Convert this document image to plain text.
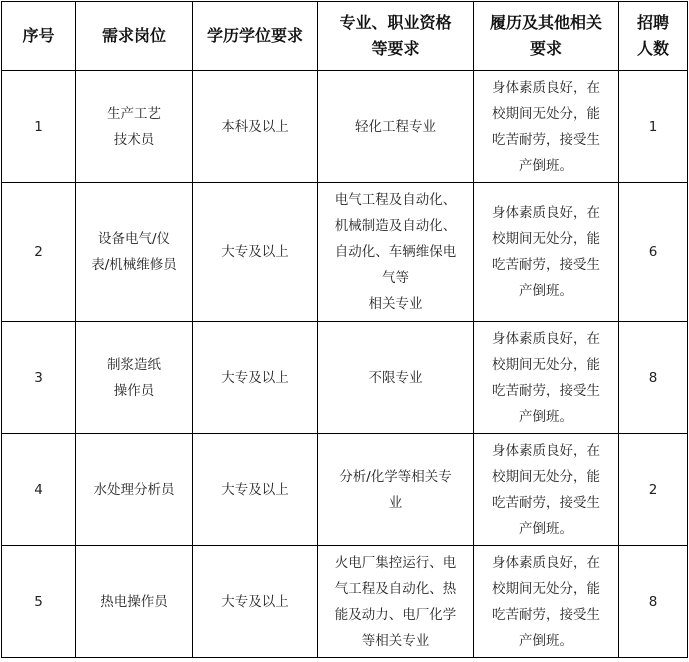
序号	需求岗位	学历学位要求	专业、职业资格等要求	履历及其他相关要求	招聘人数
1	生产工艺
技术员	本科及以上	轻化工程专业	身体素质良好，在
校期间无处分，能
吃苦耐劳，接受生
产倒班。	1
2	设备电气/仪
表/机械维修员	大专及以上	电气工程及自动化、
机械制造及自动化、
自动化、车辆维保电
气等
相关专业	身体素质良好，在
校期间无处分，能
吃苦耐劳，接受生
产倒班。	6
3	制浆造纸
操作员	大专及以上	不限专业	身体素质良好，在
校期间无处分，能
吃苦耐劳，接受生
产倒班。	8
4	水处理分析员	大专及以上	分析/化学等相关专
业	身体素质良好，在
校期间无处分，能
吃苦耐劳，接受生
产倒班。	2
5	热电操作员	大专及以上	火电厂集控运行、电
气工程及自动化、热
能及动力、电厂化学
等相关专业	身体素质良好，在
校期间无处分，能
吃苦耐劳，接受生
产倒班。	8
